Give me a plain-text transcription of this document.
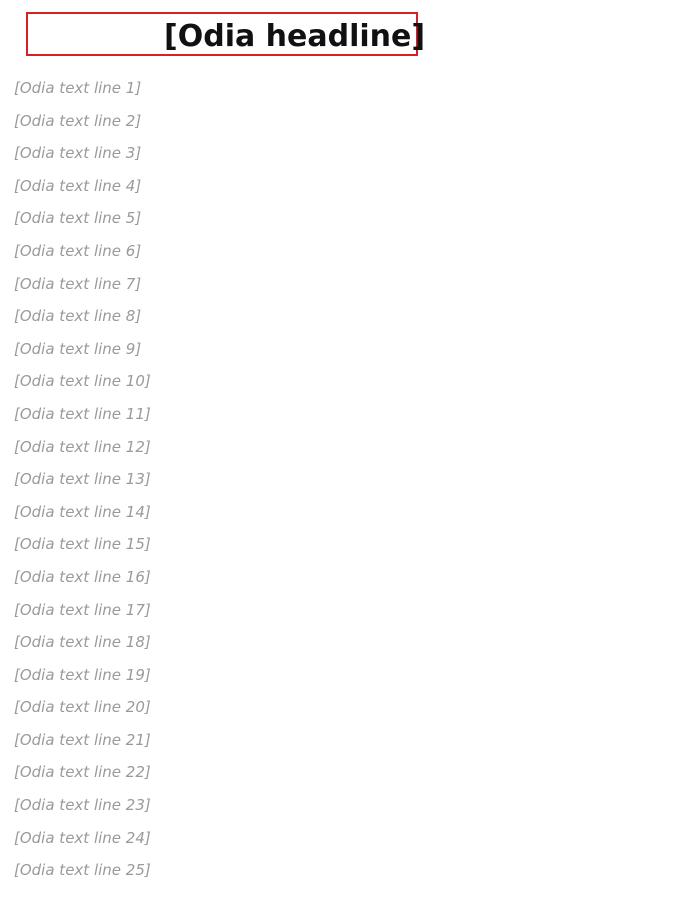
[Odia headline]
[Odia text line 1]
[Odia text line 2]
[Odia text line 3]
[Odia text line 4]
[Odia text line 5]
[Odia text line 6]
[Odia text line 7]
[Odia text line 8]
[Odia text line 9]
[Odia text line 10]
[Odia text line 11]
[Odia text line 12]
[Odia text line 13]
[Odia text line 14]
[Odia text line 15]
[Odia text line 16]
[Odia text line 17]
[Odia text line 18]
[Odia text line 19]
[Odia text line 20]
[Odia text line 21]
[Odia text line 22]
[Odia text line 23]
[Odia text line 24]
[Odia text line 25]
